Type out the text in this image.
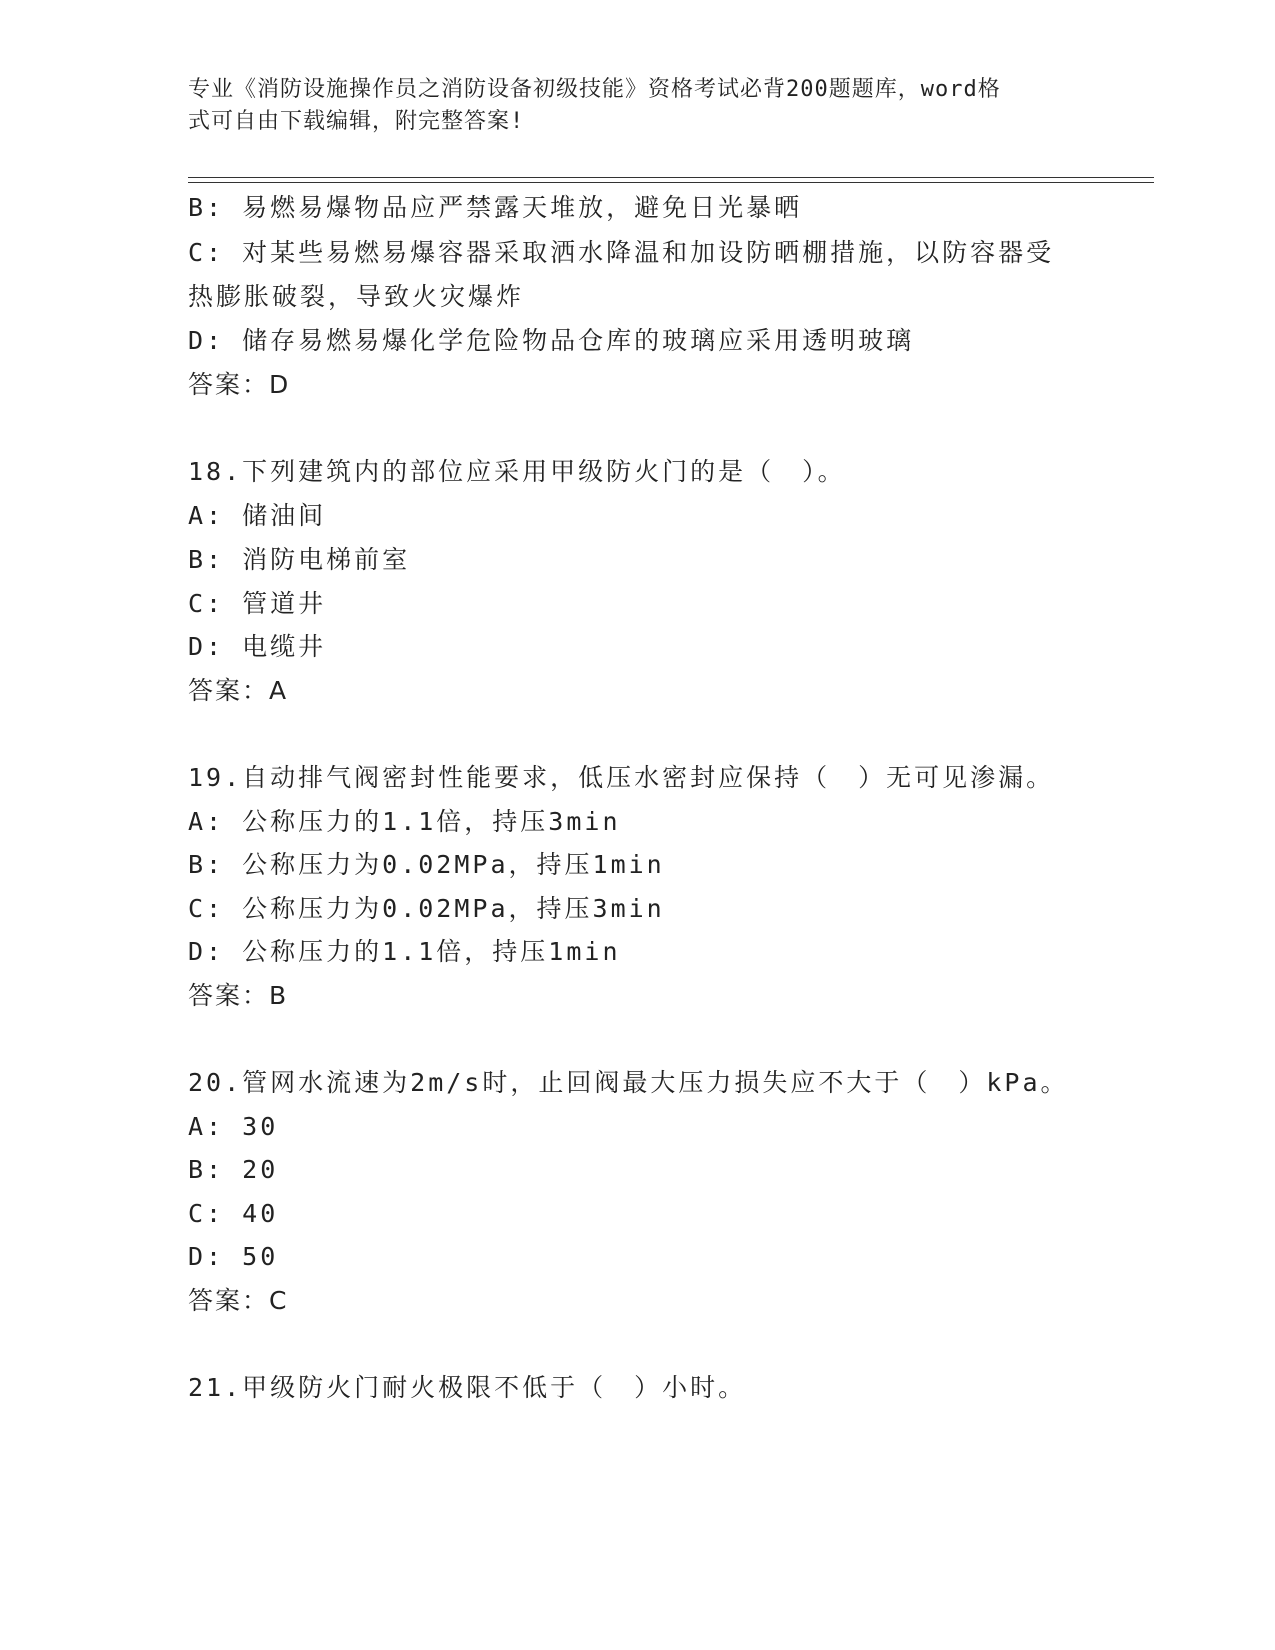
专业《消防设施操作员之消防设备初级技能》资格考试必背200题题库，word格
式可自由下载编辑，附完整答案!
B: 易燃易爆物品应严禁露天堆放，避免日光暴晒
C: 对某些易燃易爆容器采取洒水降温和加设防晒棚措施，以防容器受
热膨胀破裂，导致火灾爆炸
D: 储存易燃易爆化学危险物品仓库的玻璃应采用透明玻璃
答案：D
18.下列建筑内的部位应采用甲级防火门的是（　）。
A: 储油间
B: 消防电梯前室
C: 管道井
D: 电缆井
答案：A
19.自动排气阀密封性能要求，低压水密封应保持（　）无可见渗漏。
A: 公称压力的1.1倍，持压3min
B: 公称压力为0.02MPa，持压1min
C: 公称压力为0.02MPa，持压3min
D: 公称压力的1.1倍，持压1min
答案：B
20.管网水流速为2m/s时，止回阀最大压力损失应不大于（　）kPa。
A: 30
B: 20
C: 40
D: 50
答案：C
21.甲级防火门耐火极限不低于（　）小时。
